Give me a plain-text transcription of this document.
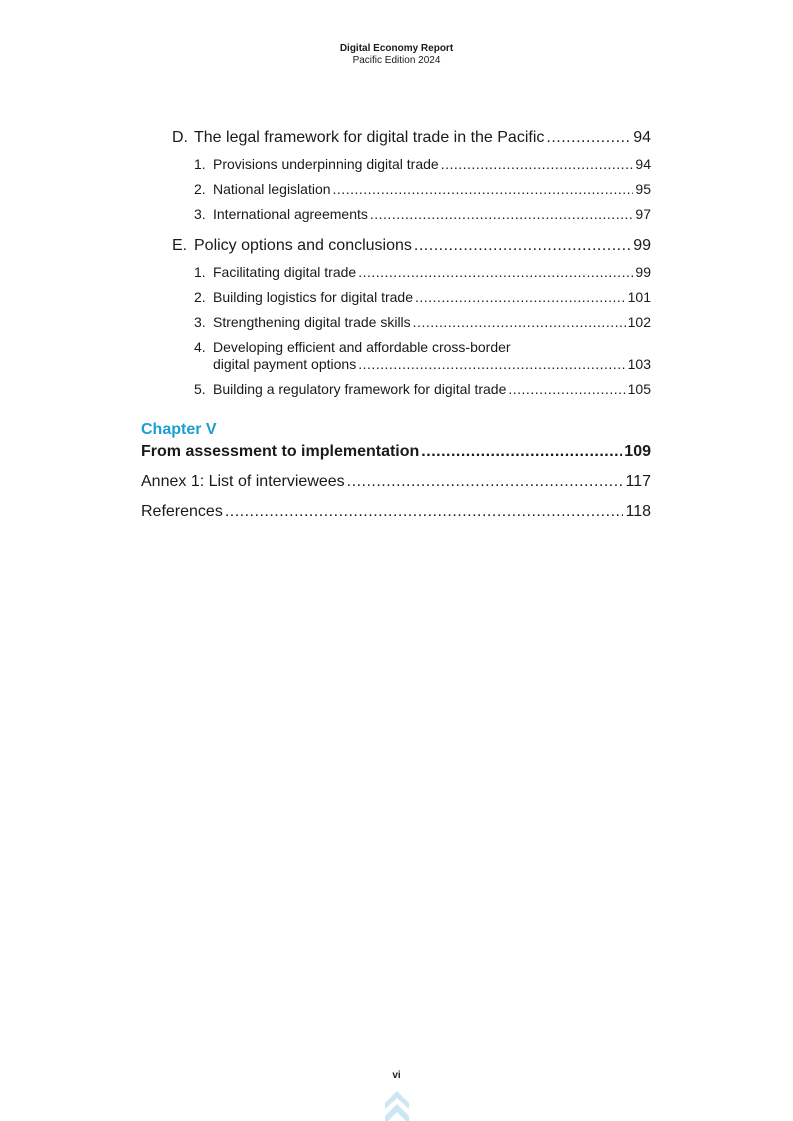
Digital Economy Report
Pacific Edition 2024
D. The legal framework for digital trade in the Pacific .....	94
1. Provisions underpinning digital trade .....	94
2. National legislation .....	95
3. International agreements .....	97
E. Policy options and conclusions .....	99
1. Facilitating digital trade .....	99
2. Building logistics for digital trade .....	101
3. Strengthening digital trade skills .....	102
4. Developing efficient and affordable cross-border
digital payment options .....	103
5. Building a regulatory framework for digital trade .....	105
Chapter V
From assessment to implementation .....	109
Annex 1: List of interviewees .....	117
References .....	118
vi
